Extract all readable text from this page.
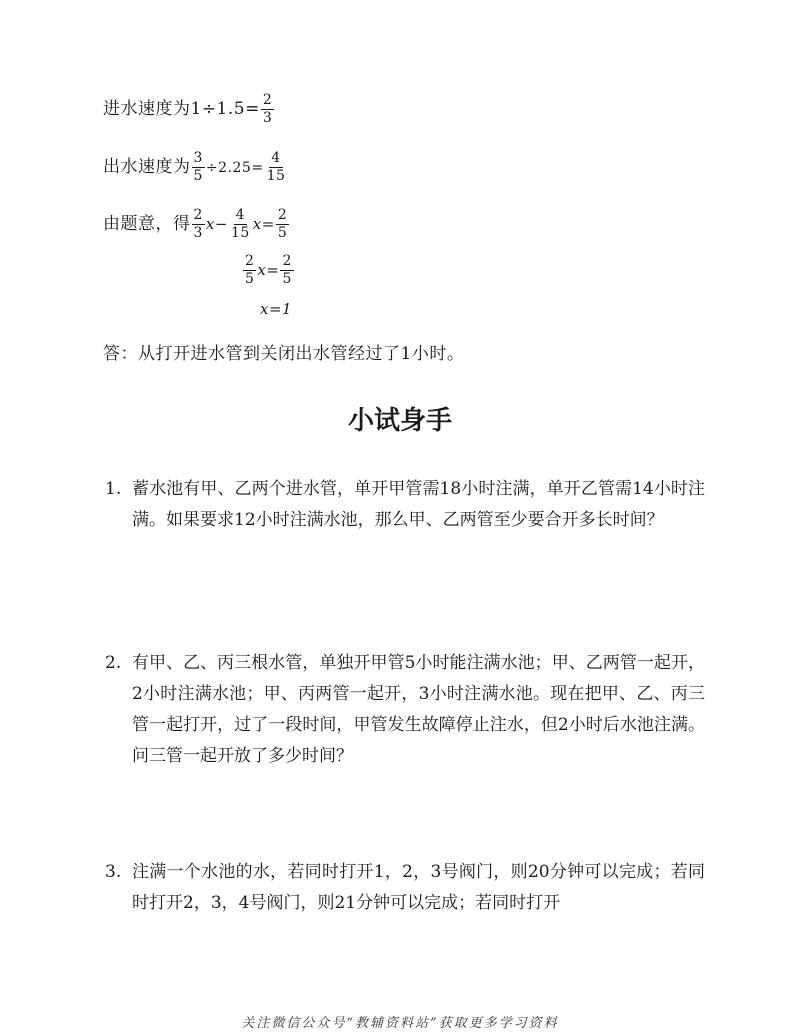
进水速度为$1\div 1.5= \frac{2}{3}$
出水速度为 $\frac{3}{5} \div 2.25= \frac{4}{15}$
由题意，得 $\frac{2}{3} x- \frac{4}{15} x= \frac{2}{5}$
$\frac{2}{5} x= \frac{2}{5}$
x=1
答：从打开进水管到关闭出水管经过了1小时。
小试身手
1. 蓄水池有甲、乙两个进水管，单开甲管需18小时注满，单开乙管需14小时注满。如果要求12小时注满水池，那么甲、乙两管至少要合开多长时间？
2. 有甲、乙、丙三根水管，单独开甲管5小时能注满水池；甲、乙两管一起开，2小时注满水池；甲、丙两管一起开，3小时注满水池。现在把甲、乙、丙三管一起打开，过了一段时间，甲管发生故障停止注水，但2小时后水池注满。问三管一起开放了多少时间？
3. 注满一个水池的水，若同时打开1，2，3号阀门，则20分钟可以完成；若同时打开2，3，4号阀门，则21分钟可以完成；若同时打开
关注微信公众号“教辅资料站”获取更多学习资料
